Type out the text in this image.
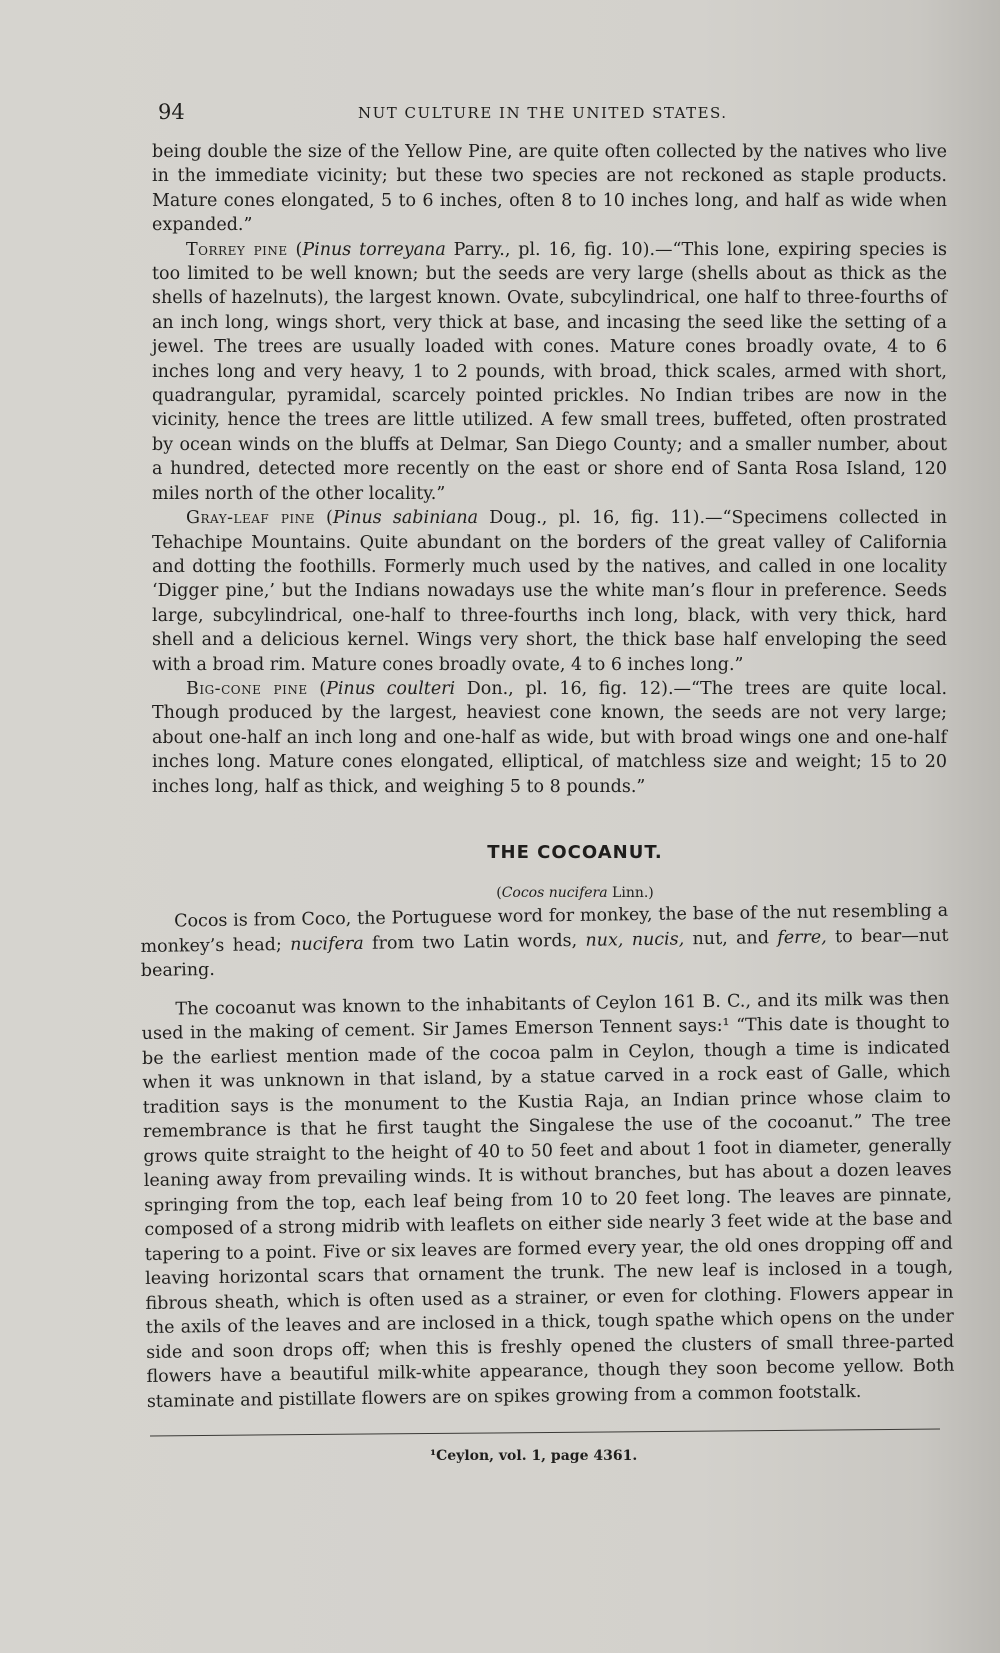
94	NUT CULTURE IN THE UNITED STATES.

being double the size of the Yellow Pine, are quite often collected by the natives who live in the immediate vicinity; but these two species are not reckoned as staple products. Mature cones elongated, 5 to 6 inches, often 8 to 10 inches long, and half as wide when expanded.”

Torrey pine (Pinus torreyana Parry., pl. 16, fig. 10).—“This lone, expiring species is too limited to be well known; but the seeds are very large (shells about as thick as the shells of hazelnuts), the largest known. Ovate, subcylindrical, one half to three-fourths of an inch long, wings short, very thick at base, and incasing the seed like the setting of a jewel. The trees are usually loaded with cones. Mature cones broadly ovate, 4 to 6 inches long and very heavy, 1 to 2 pounds, with broad, thick scales, armed with short, quadrangular, pyramidal, scarcely pointed prickles. No Indian tribes are now in the vicinity, hence the trees are little utilized. A few small trees, buffeted, often prostrated by ocean winds on the bluffs at Delmar, San Diego County; and a smaller number, about a hundred, detected more recently on the east or shore end of Santa Rosa Island, 120 miles north of the other locality.”

Gray-leaf pine (Pinus sabiniana Doug., pl. 16, fig. 11).—“Specimens collected in Tehachipe Mountains. Quite abundant on the borders of the great valley of California and dotting the foothills. Formerly much used by the natives, and called in one locality ‘Digger pine,’ but the Indians nowadays use the white man’s flour in preference. Seeds large, subcylindrical, one-half to three-fourths inch long, black, with very thick, hard shell and a delicious kernel. Wings very short, the thick base half enveloping the seed with a broad rim. Mature cones broadly ovate, 4 to 6 inches long.”

Big-cone pine (Pinus coulteri Don., pl. 16, fig. 12).—“The trees are quite local. Though produced by the largest, heaviest cone known, the seeds are not very large; about one-half an inch long and one-half as wide, but with broad wings one and one-half inches long. Mature cones elongated, elliptical, of matchless size and weight; 15 to 20 inches long, half as thick, and weighing 5 to 8 pounds.”

THE COCOANUT.
(Cocos nucifera Linn.)

Cocos is from Coco, the Portuguese word for monkey, the base of the nut resembling a monkey’s head; nucifera from two Latin words, nux, nucis, nut, and ferre, to bear—nut bearing.

The cocoanut was known to the inhabitants of Ceylon 161 B. C., and its milk was then used in the making of cement. Sir James Emerson Tennent says:¹ “This date is thought to be the earliest mention made of the cocoa palm in Ceylon, though a time is indicated when it was unknown in that island, by a statue carved in a rock east of Galle, which tradition says is the monument to the Kustia Raja, an Indian prince whose claim to remembrance is that he first taught the Singalese the use of the cocoanut.” The tree grows quite straight to the height of 40 to 50 feet and about 1 foot in diameter, generally leaning away from prevailing winds. It is without branches, but has about a dozen leaves springing from the top, each leaf being from 10 to 20 feet long. The leaves are pinnate, composed of a strong midrib with leaflets on either side nearly 3 feet wide at the base and tapering to a point. Five or six leaves are formed every year, the old ones dropping off and leaving horizontal scars that ornament the trunk. The new leaf is inclosed in a tough, fibrous sheath, which is often used as a strainer, or even for clothing. Flowers appear in the axils of the leaves and are inclosed in a thick, tough spathe which opens on the under side and soon drops off; when this is freshly opened the clusters of small three-parted flowers have a beautiful milk-white appearance, though they soon become yellow. Both staminate and pistillate flowers are on spikes growing from a common footstalk.

¹Ceylon, vol. 1, page 4361.
